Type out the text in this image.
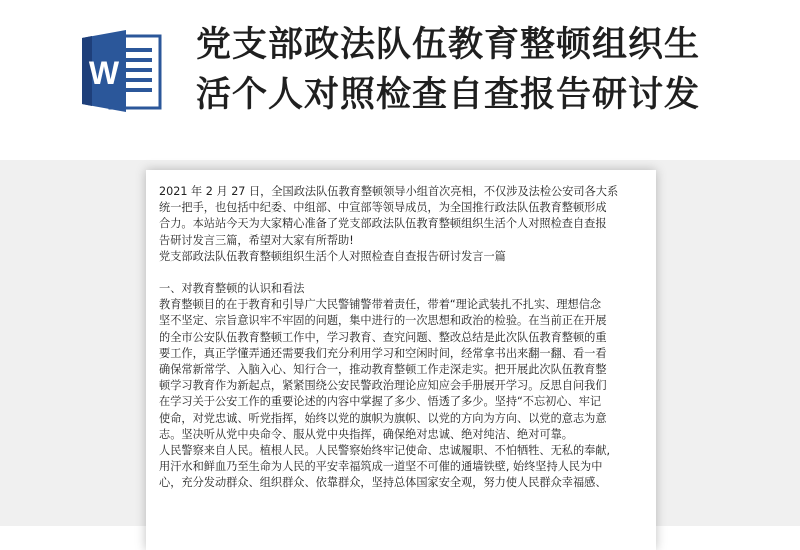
W
党支部政法队伍教育整顿组织生
活个人对照检查自查报告研讨发

2021 年 2 月 27 日，全国政法队伍教育整顿领导小组首次亮相，不仅涉及法检公安司各大系

统一把手，也包括中纪委、中组部、中宣部等领导成员，为全国推行政法队伍教育整顿形成

合力。本站站今天为大家精心准备了党支部政法队伍教育整顿组织生活个人对照检查自查报

告研讨发言三篇，希望对大家有所帮助!

党支部政法队伍教育整顿组织生活个人对照检查自查报告研讨发言一篇

一、对教育整顿的认识和看法

教育整顿目的在于教育和引导广大民警铺警带着责任，带着“理论武装扎不扎实、理想信念

坚不坚定、宗旨意识牢不牢固的问题，集中进行的一次思想和政治的检验。在当前正在开展

的全市公安队伍教育整顿工作中，学习教育、查究问题、整改总结是此次队伍教育整顿的重

要工作，真正学懂弄通还需要我们充分利用学习和空闲时间，经常拿书出来翻一翻、看一看

确保常新常学、入脑入心、知行合一，推动教育整顿工作走深走实。把开展此次队伍教育整

顿学习教育作为新起点，紧紧围绕公安民警政治理论应知应会手册展开学习。反思自问我们

在学习关于公安工作的重要论述的内容中掌握了多少、悟透了多少。坚持“不忘初心、牢记

使命，对党忠诚、听党指挥，始终以党的旗帜为旗帜、以党的方向为方向、以党的意志为意

志。坚决听从党中央命令、服从党中央指挥，确保绝对忠诚、绝对纯洁、绝对可靠。

人民警察来自人民。植根人民。人民警察始终牢记使命、忠诚履职、不怕牺牲、无私的奉献,

用汗水和鲜血乃至生命为人民的平安幸福筑成一道坚不可催的通墙铁壁, 始终坚持人民为中

心，充分发动群众、组织群众、依靠群众，坚持总体国家安全观，努力使人民群众幸福感、
